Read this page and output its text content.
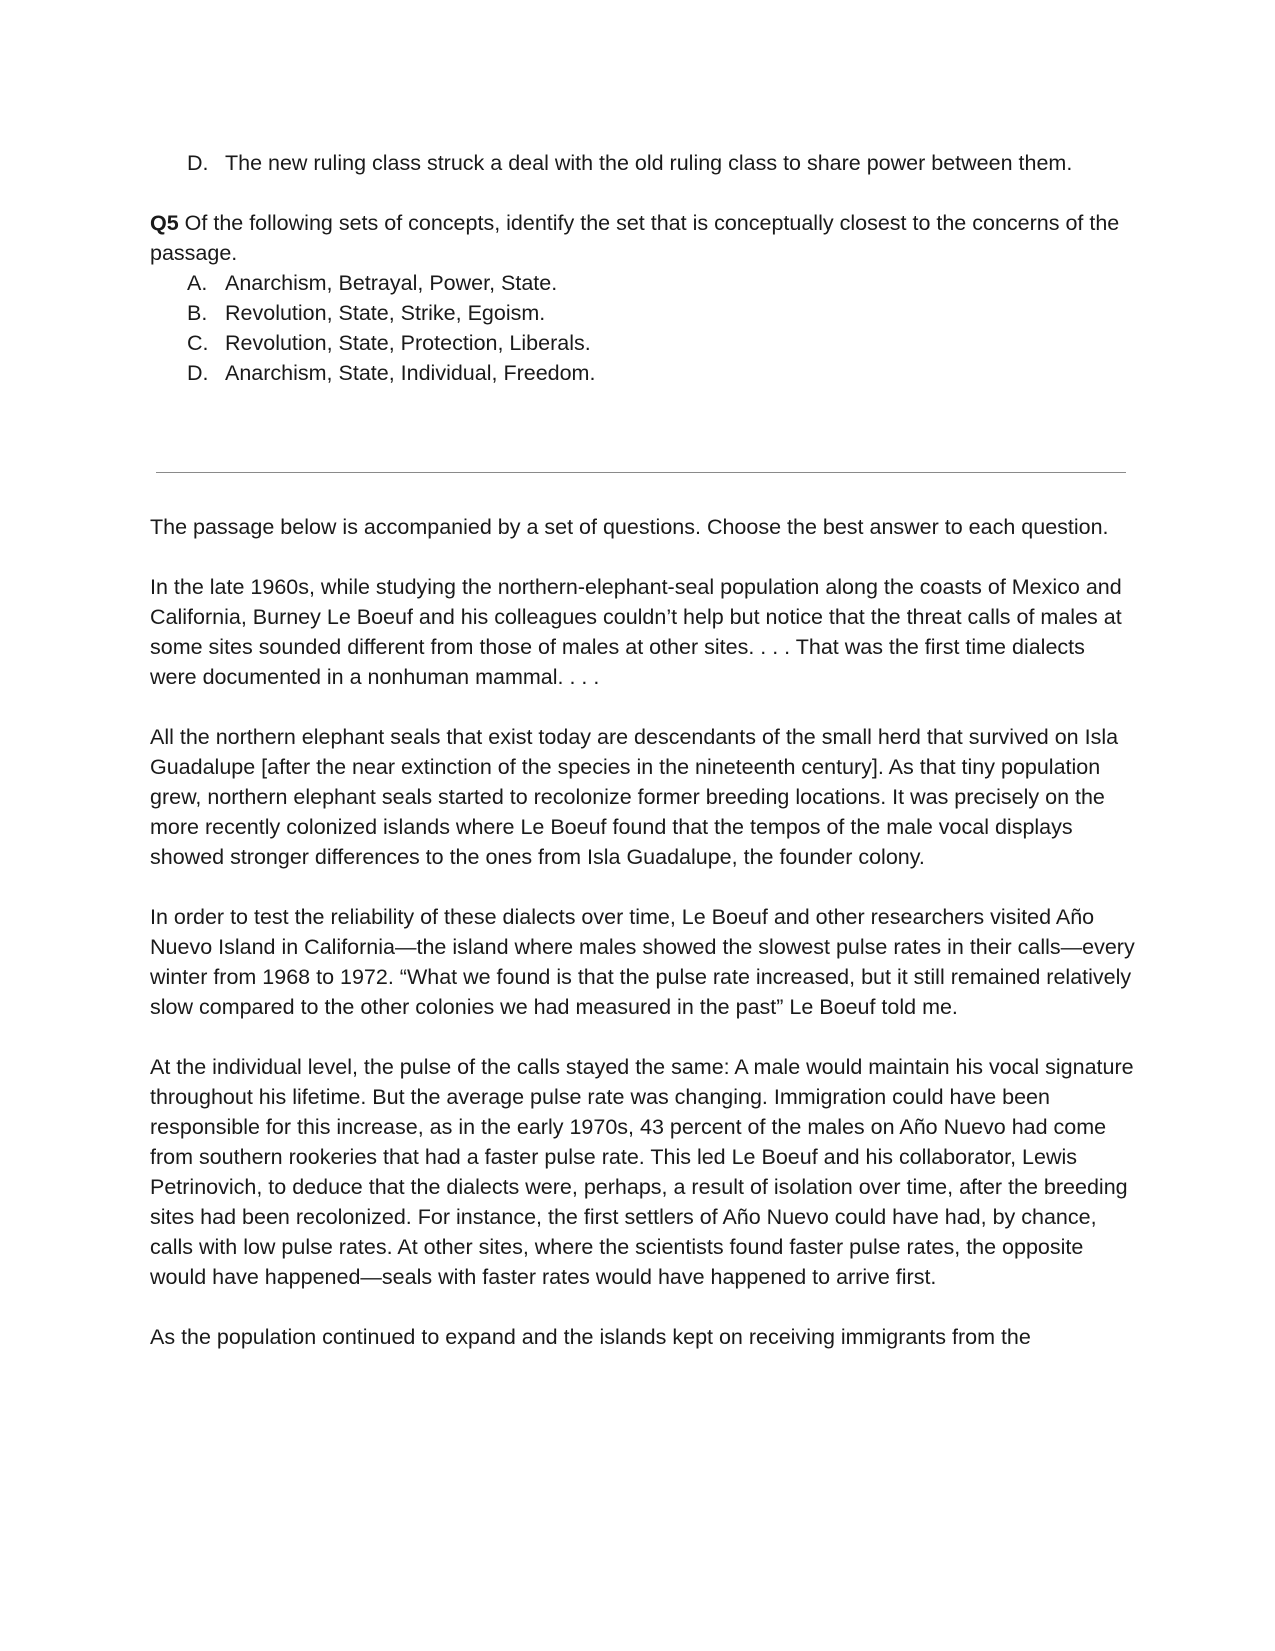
D. The new ruling class struck a deal with the old ruling class to share power between them.
Q5 Of the following sets of concepts, identify the set that is conceptually closest to the concerns of the passage.
A. Anarchism, Betrayal, Power, State.
B. Revolution, State, Strike, Egoism.
C. Revolution, State, Protection, Liberals.
D. Anarchism, State, Individual, Freedom.

The passage below is accompanied by a set of questions. Choose the best answer to each question.

In the late 1960s, while studying the northern-elephant-seal population along the coasts of Mexico and California, Burney Le Boeuf and his colleagues couldn’t help but notice that the threat calls of males at some sites sounded different from those of males at other sites. . . . That was the first time dialects were documented in a nonhuman mammal. . . .

All the northern elephant seals that exist today are descendants of the small herd that survived on Isla Guadalupe [after the near extinction of the species in the nineteenth century]. As that tiny population grew, northern elephant seals started to recolonize former breeding locations. It was precisely on the more recently colonized islands where Le Boeuf found that the tempos of the male vocal displays showed stronger differences to the ones from Isla Guadalupe, the founder colony.

In order to test the reliability of these dialects over time, Le Boeuf and other researchers visited Año Nuevo Island in California—the island where males showed the slowest pulse rates in their calls—every winter from 1968 to 1972. “What we found is that the pulse rate increased, but it still remained relatively slow compared to the other colonies we had measured in the past” Le Boeuf told me.

At the individual level, the pulse of the calls stayed the same: A male would maintain his vocal signature throughout his lifetime. But the average pulse rate was changing. Immigration could have been responsible for this increase, as in the early 1970s, 43 percent of the males on Año Nuevo had come from southern rookeries that had a faster pulse rate. This led Le Boeuf and his collaborator, Lewis Petrinovich, to deduce that the dialects were, perhaps, a result of isolation over time, after the breeding sites had been recolonized. For instance, the first settlers of Año Nuevo could have had, by chance, calls with low pulse rates. At other sites, where the scientists found faster pulse rates, the opposite would have happened—seals with faster rates would have happened to arrive first.

As the population continued to expand and the islands kept on receiving immigrants from the
